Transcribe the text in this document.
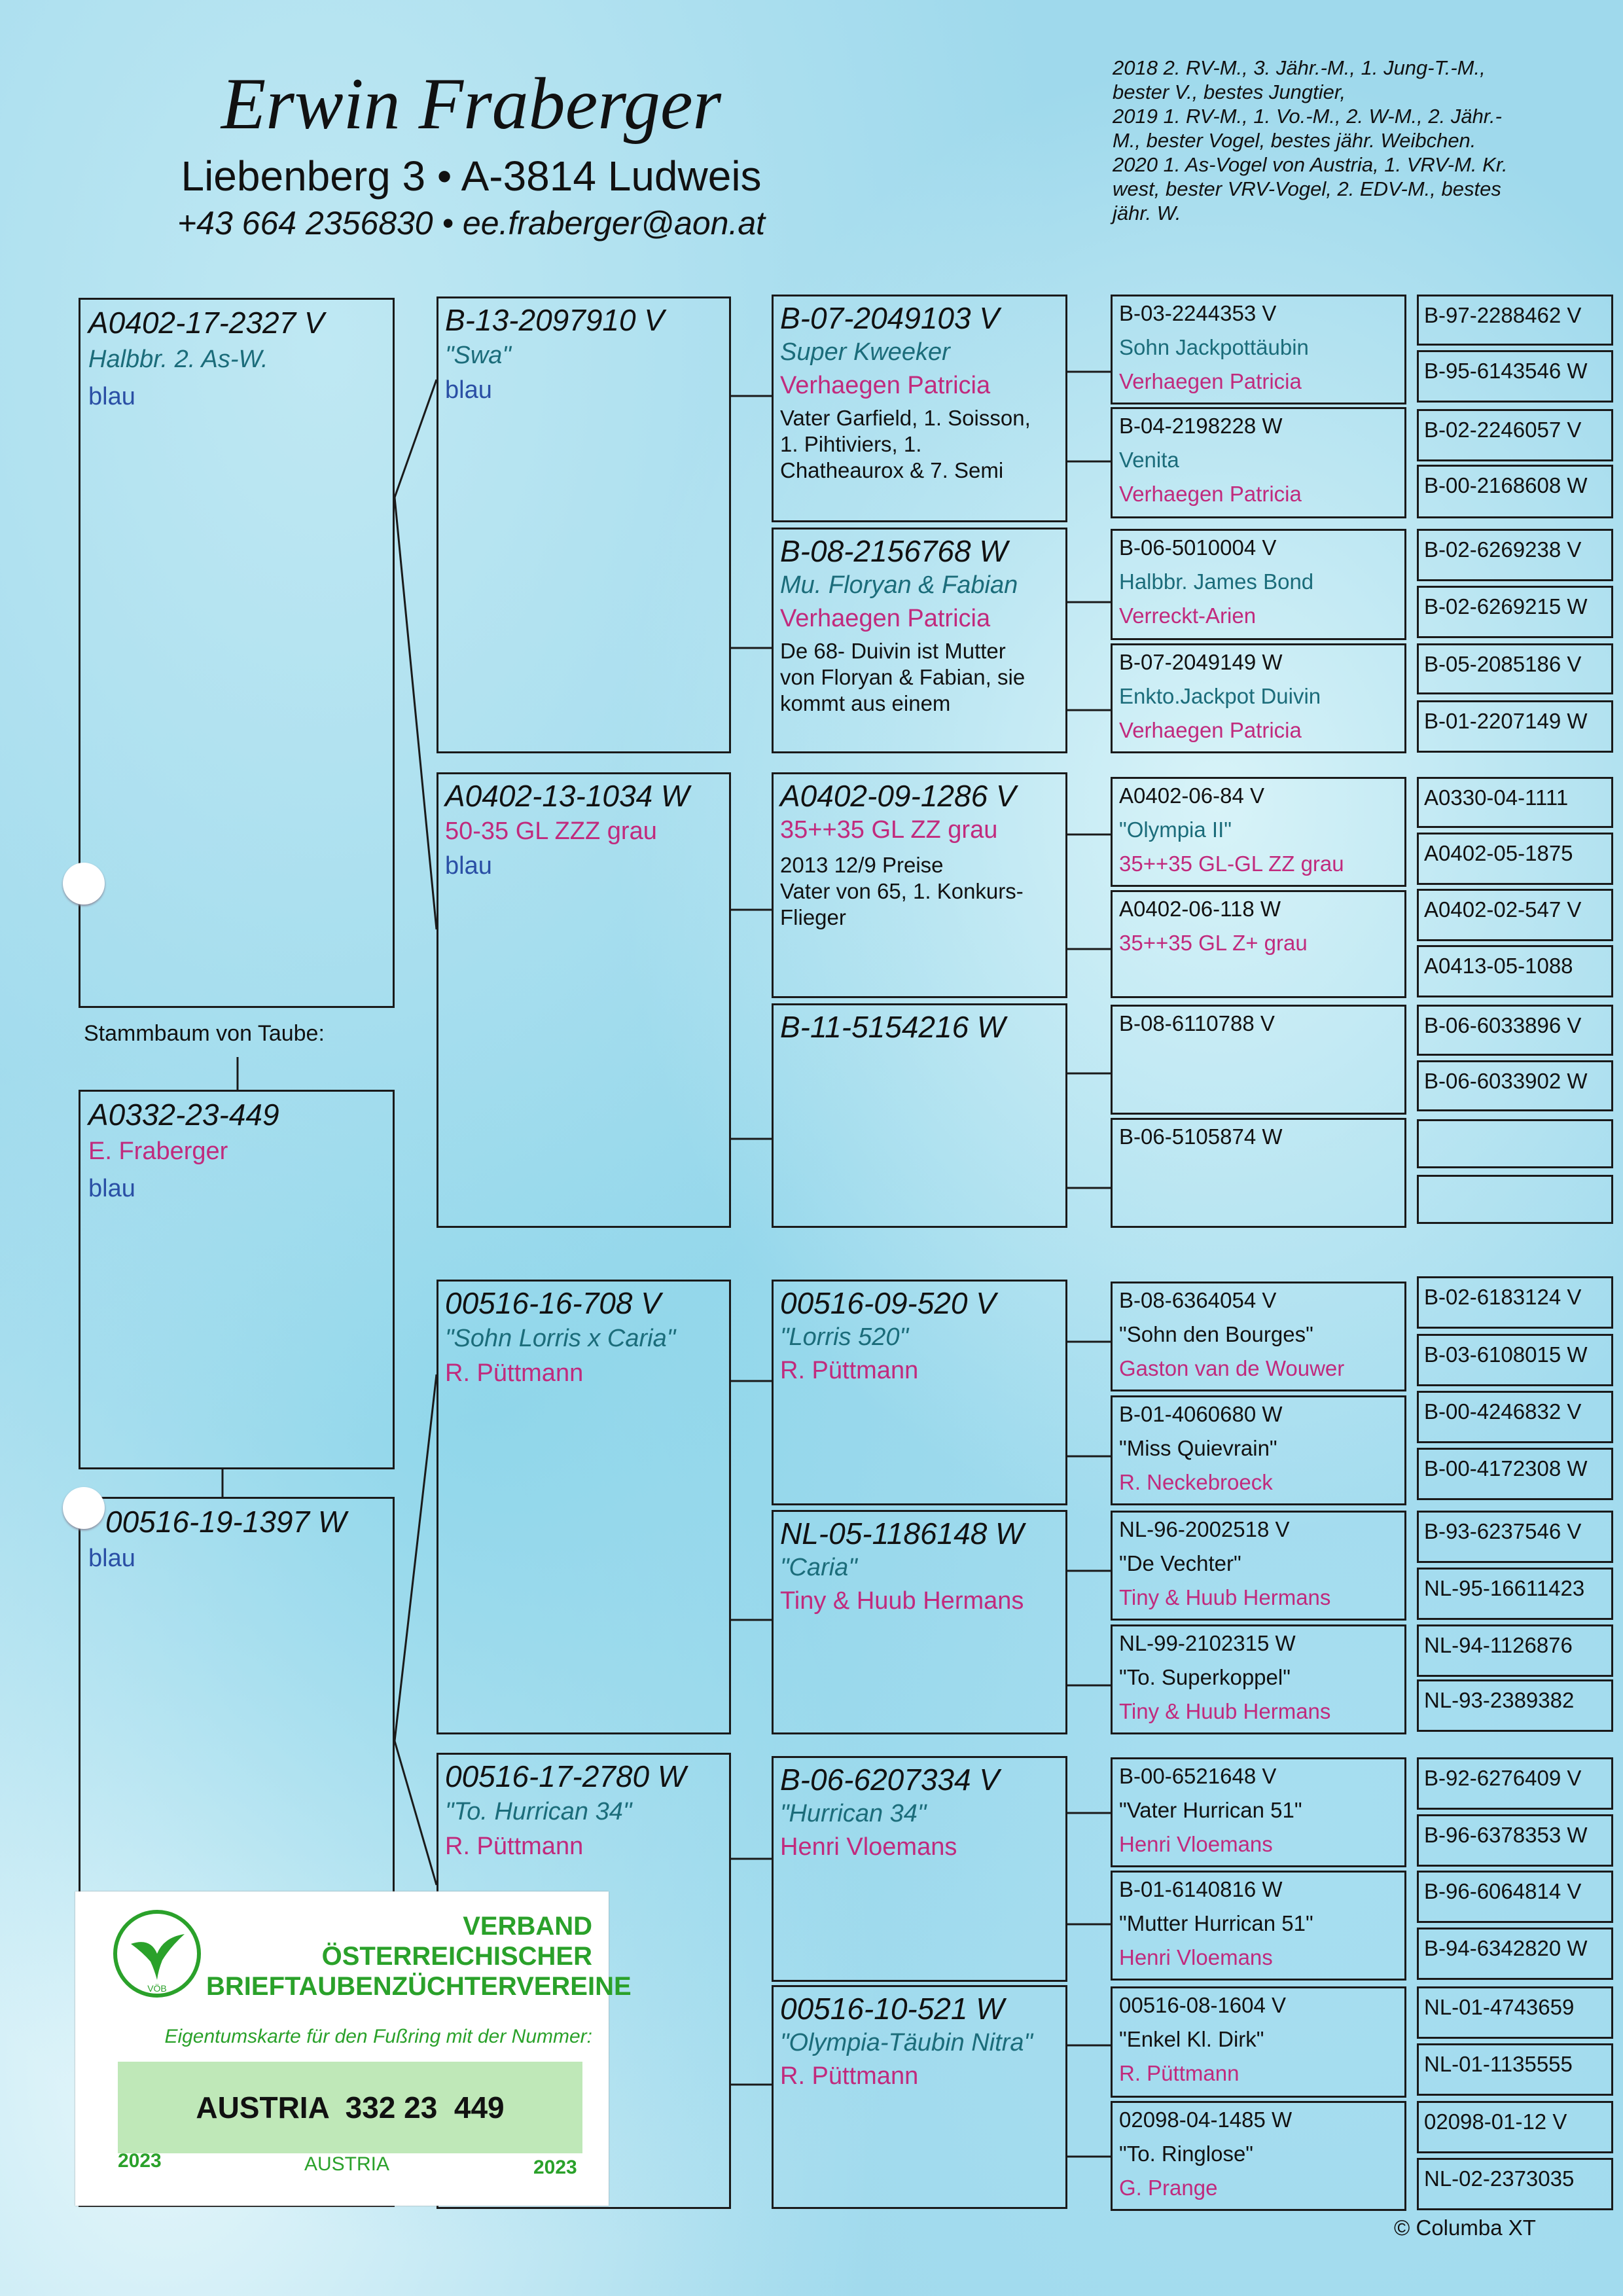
Erwin Fraberger
Liebenberg 3 • A-3814 Ludweis
+43 664 2356830 • ee.fraberger@aon.at
2018 2. RV-M., 3. Jähr.-M., 1. Jung-T.-M.,
bester V., bestes Jungtier,
2019 1. RV-M., 1. Vo.-M., 2. W-M., 2. Jähr.-
M., bester Vogel, bestes jähr. Weibchen.
2020 1. As-Vogel von Austria, 1. VRV-M. Kr.
west, bester VRV-Vogel, 2. EDV-M., bestes
jähr. W.
A0402-17-2327 V
Halbbr. 2. As-W.
blau
Stammbaum von Taube:
A0332-23-449
E. Fraberger
blau
00516-19-1397 W
blau
B-13-2097910 V
"Swa"
blau
A0402-13-1034 W
50-35 GL ZZZ grau
blau
00516-16-708 V
"Sohn Lorris x Caria"
R. Püttmann
00516-17-2780 W
"To. Hurrican 34"
R. Püttmann
B-07-2049103 V
Super Kweeker
Verhaegen Patricia
Vater Garfield, 1. Soisson,
1. Pihtiviers, 1.
Chatheaurox & 7. Semi
B-08-2156768 W
Mu. Floryan & Fabian
Verhaegen Patricia
De 68- Duivin ist Mutter
von Floryan & Fabian, sie
kommt aus einem
A0402-09-1286 V
35++35 GL ZZ grau
2013 12/9 Preise
Vater von 65, 1. Konkurs-
Flieger
B-11-5154216 W
00516-09-520 V
"Lorris 520"
R. Püttmann
NL-05-1186148 W
"Caria"
Tiny & Huub Hermans
B-06-6207334 V
"Hurrican 34"
Henri Vloemans
00516-10-521 W
"Olympia-Täubin Nitra"
R. Püttmann
B-03-2244353 V
Sohn Jackpottäubin
Verhaegen Patricia
B-04-2198228 W
Venita
Verhaegen Patricia
B-06-5010004 V
Halbbr. James Bond
Verreckt-Arien
B-07-2049149 W
Enkto.Jackpot Duivin
Verhaegen Patricia
A0402-06-84 V
"Olympia II"
35++35 GL-GL ZZ grau
A0402-06-118 W
35++35 GL Z+ grau
B-08-6110788 V
B-06-5105874 W
B-08-6364054 V
"Sohn den Bourges"
Gaston van de Wouwer
B-01-4060680 W
"Miss Quievrain"
R. Neckebroeck
NL-96-2002518 V
"De Vechter"
Tiny & Huub Hermans
NL-99-2102315 W
"To. Superkoppel"
Tiny & Huub Hermans
B-00-6521648 V
"Vater Hurrican 51"
Henri Vloemans
B-01-6140816 W
"Mutter Hurrican 51"
Henri Vloemans
00516-08-1604 V
"Enkel Kl. Dirk"
R. Püttmann
02098-04-1485 W
"To. Ringlose"
G. Prange
B-97-2288462 V
B-95-6143546 W
B-02-2246057 V
B-00-2168608 W
B-02-6269238 V
B-02-6269215 W
B-05-2085186 V
B-01-2207149 W
A0330-04-1111
A0402-05-1875
A0402-02-547 V
A0413-05-1088
B-06-6033896 V
B-06-6033902 W
B-02-6183124 V
B-03-6108015 W
B-00-4246832 V
B-00-4172308 W
B-93-6237546 V
NL-95-16611423
NL-94-1126876
NL-93-2389382
B-92-6276409 V
B-96-6378353 W
B-96-6064814 V
B-94-6342820 W
NL-01-4743659
NL-01-1135555
02098-01-12 V
NL-02-2373035
VÖB
VERBAND
ÖSTERREICHISCHER
BRIEFTAUBENZÜCHTERVEREINE
Eigentumskarte für den Fußring mit der Nummer:
AUSTRIA  332 23  449
2023	AUSTRIA	2023
© Columba XT
